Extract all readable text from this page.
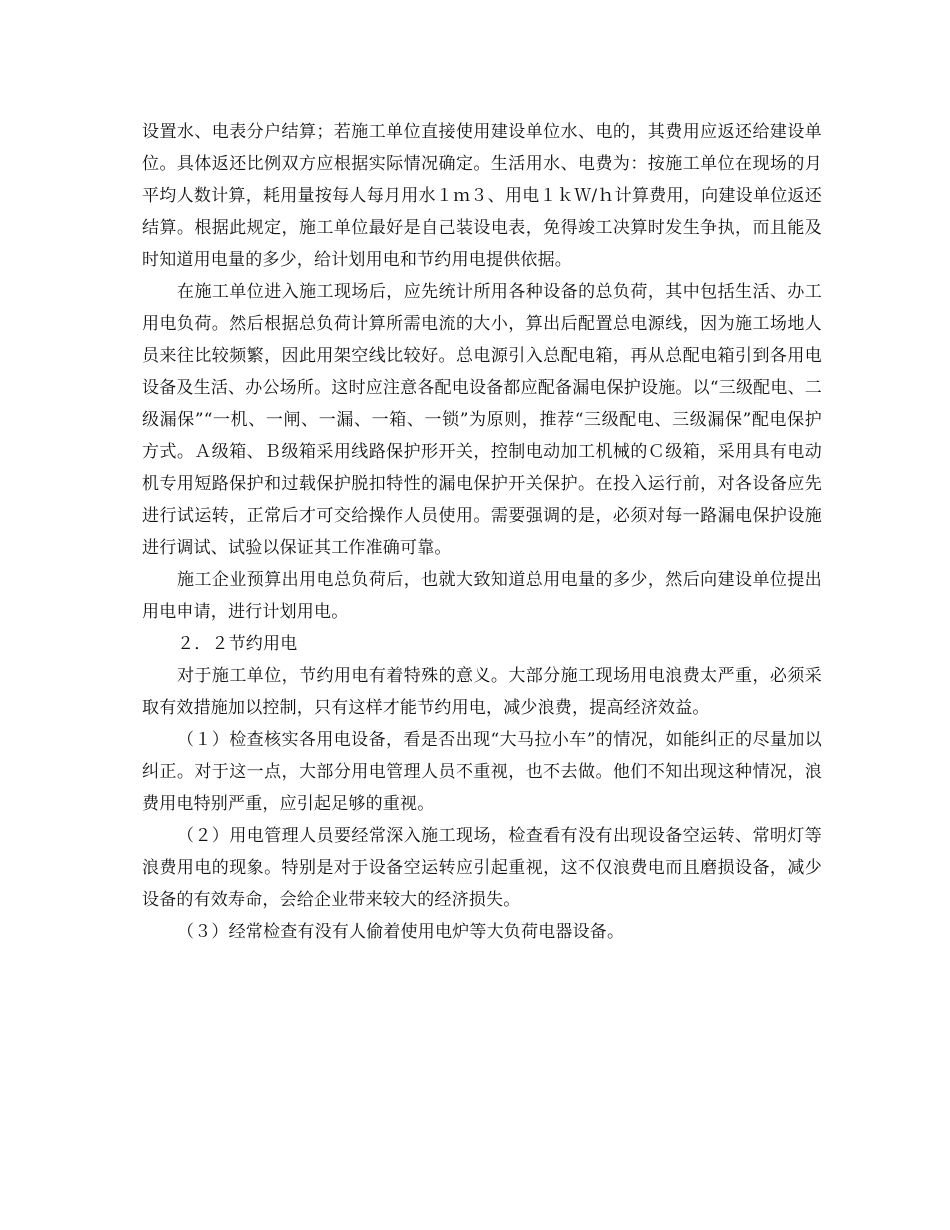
设置水、电表分户结算；若施工单位直接使用建设单位水、电的，其费用应返还给建设单位。具体返还比例双方应根据实际情况确定。生活用水、电费为：按施工单位在现场的月平均人数计算，耗用量按每人每月用水１ｍ３、用电１ｋＷ/ｈ计算费用，向建设单位返还结算。根据此规定，施工单位最好是自己装设电表，免得竣工决算时发生争执，而且能及时知道用电量的多少，给计划用电和节约用电提供依据。

在施工单位进入施工现场后，应先统计所用各种设备的总负荷，其中包括生活、办工用电负荷。然后根据总负荷计算所需电流的大小，算出后配置总电源线，因为施工场地人员来往比较频繁，因此用架空线比较好。总电源引入总配电箱，再从总配电箱引到各用电设备及生活、办公场所。这时应注意各配电设备都应配备漏电保护设施。以“三级配电、二级漏保”“一机、一闸、一漏、一箱、一锁”为原则，推荐“三级配电、三级漏保”配电保护方式。Ａ级箱、Ｂ级箱采用线路保护形开关，控制电动加工机械的Ｃ级箱，采用具有电动机专用短路保护和过载保护脱扣特性的漏电保护开关保护。在投入运行前，对各设备应先进行试运转，正常后才可交给操作人员使用。需要强调的是，必须对每一路漏电保护设施进行调试、试验以保证其工作准确可靠。

施工企业预算出用电总负荷后，也就大致知道总用电量的多少，然后向建设单位提出用电申请，进行计划用电。

２．２节约用电

对于施工单位，节约用电有着特殊的意义。大部分施工现场用电浪费太严重，必须采取有效措施加以控制，只有这样才能节约用电，减少浪费，提高经济效益。

（１）检查核实各用电设备，看是否出现“大马拉小车”的情况，如能纠正的尽量加以纠正。对于这一点，大部分用电管理人员不重视，也不去做。他们不知出现这种情况，浪费用电特别严重，应引起足够的重视。

（２）用电管理人员要经常深入施工现场，检查看有没有出现设备空运转、常明灯等浪费用电的现象。特别是对于设备空运转应引起重视，这不仅浪费电而且磨损设备，减少设备的有效寿命，会给企业带来较大的经济损失。

（３）经常检查有没有人偷着使用电炉等大负荷电器设备。
